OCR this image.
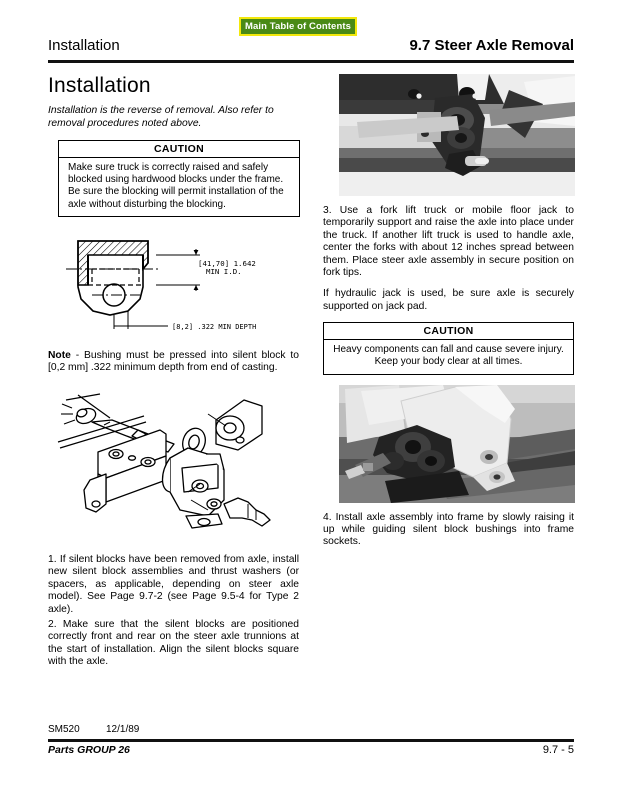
Main Table of Contents
Installation	9.7 Steer Axle Removal
Installation

Installation is the reverse of removal. Also refer to removal procedures noted above.

CAUTION
Make sure truck is correctly raised and safely blocked using hardwood blocks under the frame. Be sure the blocking will permit installation of the axle without disturbing the blocking.
[41,70] 1.642
MIN I.D.
[8,2] .322 MIN DEPTH

Note - Bushing must be pressed into silent block to [0,2 mm] .322 minimum depth from end of casting.

1. If silent blocks have been removed from axle, install new silent block assemblies and thrust washers (or spacers, as applicable, depending on steer axle model). See Page 9.7-2 (see Page 9.5-4 for Type 2 axle).

2. Make sure that the silent blocks are positioned correctly front and rear on the steer axle trunnions at the start of installation. Align the silent blocks square with the axle.

3. Use a fork lift truck or mobile floor jack to temporarily support and raise the axle into place under the truck. If another lift truck is used to handle axle, center the forks with about 12 inches spread between them. Place steer axle assembly in secure position on fork tips.

If hydraulic jack is used, be sure axle is securely supported on jack pad.

CAUTION
Heavy components can fall and cause severe injury. Keep your body clear at all times.

4. Install axle assembly into frame by slowly raising it up while guiding silent block bushings into frame sockets.

SM520	12/1/89
Parts GROUP 26	9.7 - 5
